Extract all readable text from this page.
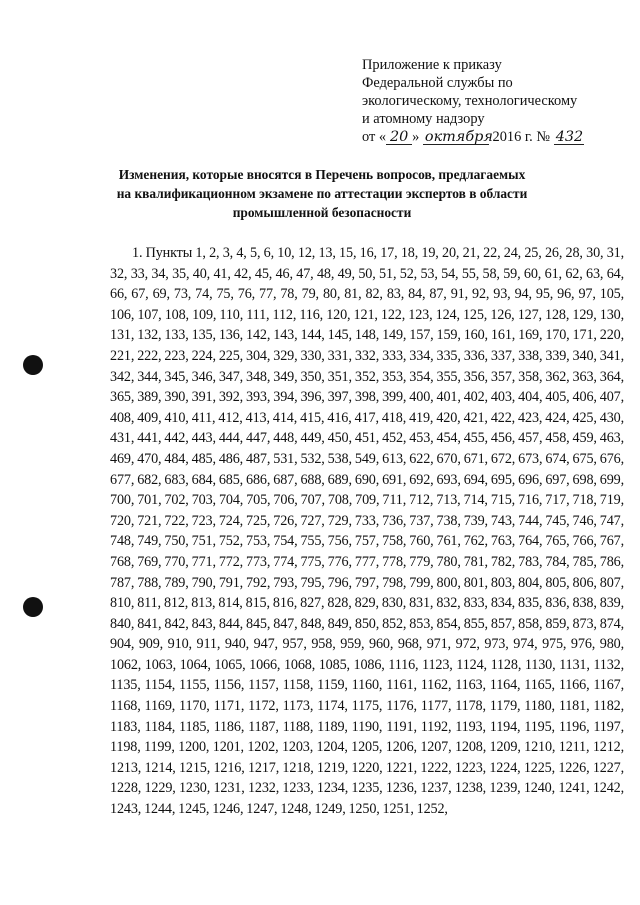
Приложение к приказу
Федеральной службы по
экологическому, технологическому
и атомному надзору
от « 20 » октября 2016 г. № 432
Изменения, которые вносятся в Перечень вопросов, предлагаемых на квалификационном экзамене по аттестации экспертов в области промышленной безопасности
1. Пункты 1, 2, 3, 4, 5, 6, 10, 12, 13, 15, 16, 17, 18, 19, 20, 21, 22, 24, 25, 26, 28, 30, 31, 32, 33, 34, 35, 40, 41, 42, 45, 46, 47, 48, 49, 50, 51, 52, 53, 54, 55, 58, 59, 60, 61, 62, 63, 64, 66, 67, 69, 73, 74, 75, 76, 77, 78, 79, 80, 81, 82, 83, 84, 87, 91, 92, 93, 94, 95, 96, 97, 105, 106, 107, 108, 109, 110, 111, 112, 116, 120, 121, 122, 123, 124, 125, 126, 127, 128, 129, 130, 131, 132, 133, 135, 136, 142, 143, 144, 145, 148, 149, 157, 159, 160, 161, 169, 170, 171, 220, 221, 222, 223, 224, 225, 304, 329, 330, 331, 332, 333, 334, 335, 336, 337, 338, 339, 340, 341, 342, 344, 345, 346, 347, 348, 349, 350, 351, 352, 353, 354, 355, 356, 357, 358, 362, 363, 364, 365, 389, 390, 391, 392, 393, 394, 396, 397, 398, 399, 400, 401, 402, 403, 404, 405, 406, 407, 408, 409, 410, 411, 412, 413, 414, 415, 416, 417, 418, 419, 420, 421, 422, 423, 424, 425, 430, 431, 441, 442, 443, 444, 447, 448, 449, 450, 451, 452, 453, 454, 455, 456, 457, 458, 459, 463, 469, 470, 484, 485, 486, 487, 531, 532, 538, 549, 613, 622, 670, 671, 672, 673, 674, 675, 676, 677, 682, 683, 684, 685, 686, 687, 688, 689, 690, 691, 692, 693, 694, 695, 696, 697, 698, 699, 700, 701, 702, 703, 704, 705, 706, 707, 708, 709, 711, 712, 713, 714, 715, 716, 717, 718, 719, 720, 721, 722, 723, 724, 725, 726, 727, 729, 733, 736, 737, 738, 739, 743, 744, 745, 746, 747, 748, 749, 750, 751, 752, 753, 754, 755, 756, 757, 758, 760, 761, 762, 763, 764, 765, 766, 767, 768, 769, 770, 771, 772, 773, 774, 775, 776, 777, 778, 779, 780, 781, 782, 783, 784, 785, 786, 787, 788, 789, 790, 791, 792, 793, 795, 796, 797, 798, 799, 800, 801, 803, 804, 805, 806, 807, 810, 811, 812, 813, 814, 815, 816, 827, 828, 829, 830, 831, 832, 833, 834, 835, 836, 838, 839, 840, 841, 842, 843, 844, 845, 847, 848, 849, 850, 852, 853, 854, 855, 857, 858, 859, 873, 874, 904, 909, 910, 911, 940, 947, 957, 958, 959, 960, 968, 971, 972, 973, 974, 975, 976, 980, 1062, 1063, 1064, 1065, 1066, 1068, 1085, 1086, 1116, 1123, 1124, 1128, 1130, 1131, 1132, 1135, 1154, 1155, 1156, 1157, 1158, 1159, 1160, 1161, 1162, 1163, 1164, 1165, 1166, 1167, 1168, 1169, 1170, 1171, 1172, 1173, 1174, 1175, 1176, 1177, 1178, 1179, 1180, 1181, 1182, 1183, 1184, 1185, 1186, 1187, 1188, 1189, 1190, 1191, 1192, 1193, 1194, 1195, 1196, 1197, 1198, 1199, 1200, 1201, 1202, 1203, 1204, 1205, 1206, 1207, 1208, 1209, 1210, 1211, 1212, 1213, 1214, 1215, 1216, 1217, 1218, 1219, 1220, 1221, 1222, 1223, 1224, 1225, 1226, 1227, 1228, 1229, 1230, 1231, 1232, 1233, 1234, 1235, 1236, 1237, 1238, 1239, 1240, 1241, 1242, 1243, 1244, 1245, 1246, 1247, 1248, 1249, 1250, 1251, 1252,
